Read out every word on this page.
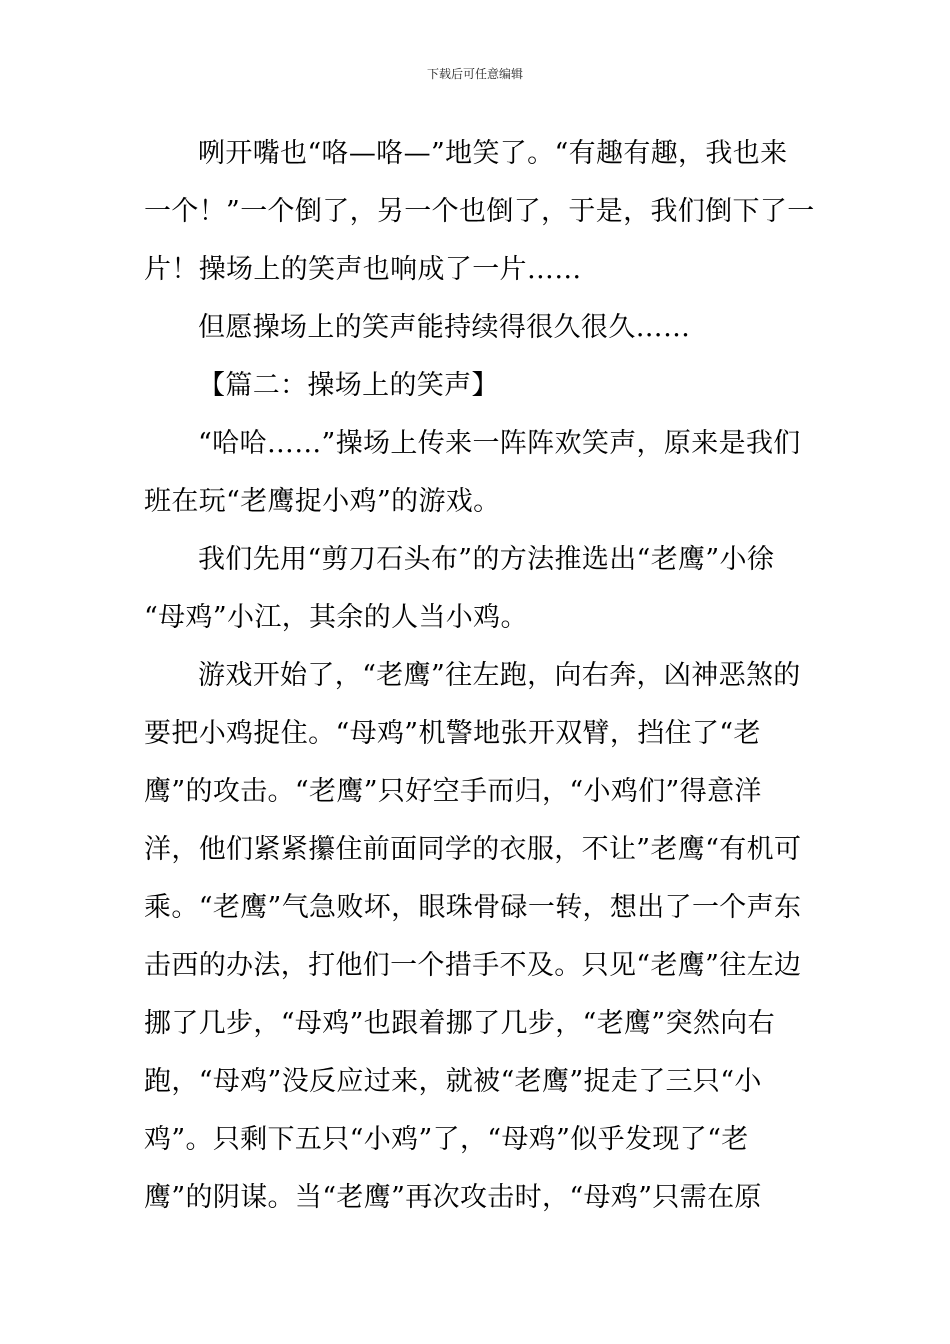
下载后可任意编辑
咧开嘴也“咯—咯—”地笑了。“有趣有趣，我也来
一个！”一个倒了，另一个也倒了，于是，我们倒下了一
片！操场上的笑声也响成了一片……
但愿操场上的笑声能持续得很久很久……
【篇二：操场上的笑声】
“哈哈……”操场上传来一阵阵欢笑声，原来是我们
班在玩“老鹰捉小鸡”的游戏。
我们先用“剪刀石头布”的方法推选出“老鹰”小徐
“母鸡”小江，其余的人当小鸡。
游戏开始了，“老鹰”往左跑，向右奔，凶神恶煞的
要把小鸡捉住。“母鸡”机警地张开双臂，挡住了“老
鹰”的攻击。“老鹰”只好空手而归，“小鸡们”得意洋
洋，他们紧紧攥住前面同学的衣服，不让”老鹰“有机可
乘。“老鹰”气急败坏，眼珠骨碌一转，想出了一个声东
击西的办法，打他们一个措手不及。只见“老鹰”往左边
挪了几步，“母鸡”也跟着挪了几步，“老鹰”突然向右
跑，“母鸡”没反应过来，就被“老鹰”捉走了三只“小
鸡”。只剩下五只“小鸡”了，“母鸡”似乎发现了“老
鹰”的阴谋。当“老鹰”再次攻击时，“母鸡”只需在原
